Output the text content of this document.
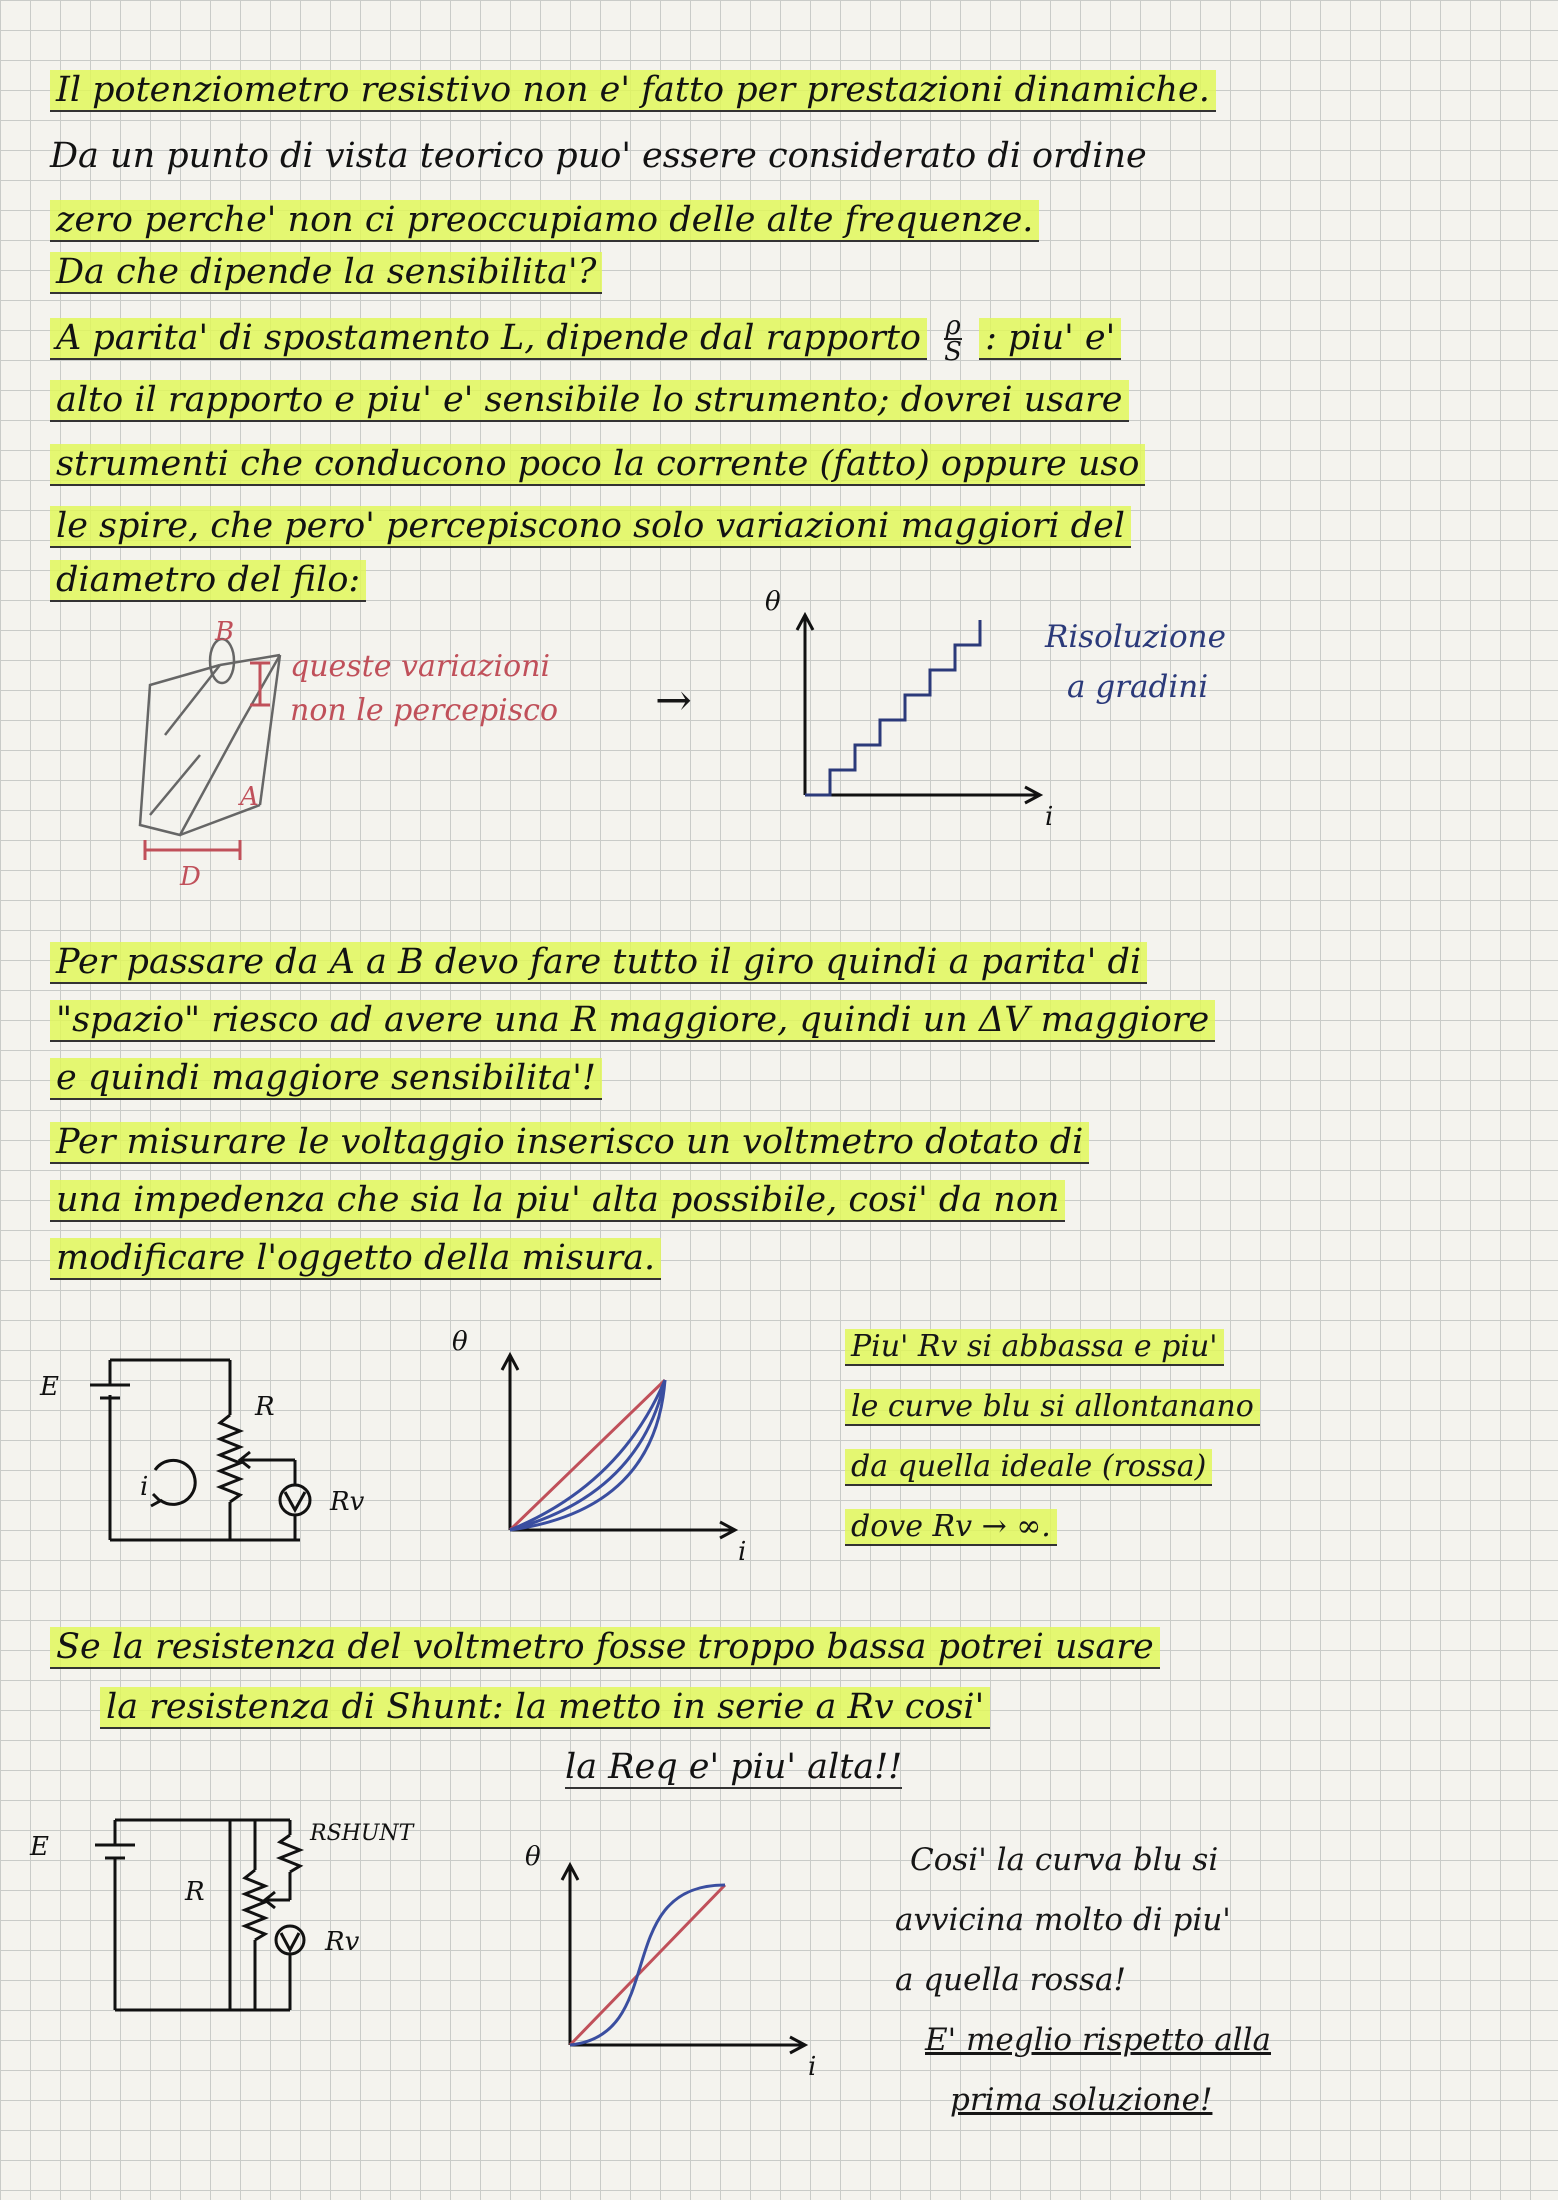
Il potenziometro resistivo non e' fatto per prestazioni dinamiche.
Da un punto di vista teorico puo' essere considerato di ordine
zero perche' non ci preoccupiamo delle alte frequenze.
Da che dipende la sensibilita'?
A parita' di spostamento L, dipende dal rapporto $\frac{\rho}{S}$ : piu' e'
alto il rapporto e piu' e' sensibile lo strumento; dovrei usare
strumenti che conducono poco la corrente (fatto) oppure uso
le spire, che pero' percepiscono solo variazioni maggiori del
diametro del filo:
B
A
D
queste variazioni
non le percepisco →
θ
i
Risoluzione
a gradini
Per passare da A a B devo fare tutto il giro quindi a parita' di
"spazio" riesco ad avere una R maggiore, quindi un ΔV maggiore
e quindi maggiore sensibilita'!
Per misurare le voltaggio inserisco un voltmetro dotato di
una impedenza che sia la piu' alta possibile, cosi' da non
modificare l'oggetto della misura.
E
R
Rv
i
θ
i
Piu' Rv si abbassa e piu'
le curve blu si allontanano
da quella ideale (rossa)
dove Rv → ∞.
Se la resistenza del voltmetro fosse troppo bassa potrei usare
la resistenza di Shunt: la metto in serie a Rv cosi'
la Req e' piu' alta!!
E
R
RSHUNT
Rv
θ
i
Cosi' la curva blu si
avvicina molto di piu'
a quella rossa!
E' meglio rispetto alla
prima soluzione!
